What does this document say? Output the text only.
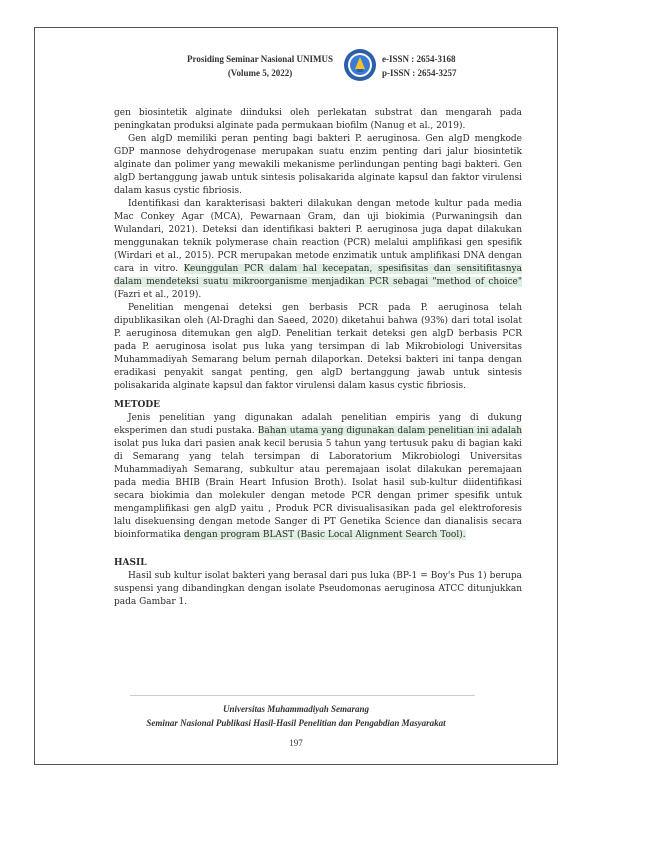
Prosiding Seminar Nasional UNIMUS
(Volume 5, 2022)
e-ISSN : 2654-3168
p-ISSN : 2654-3257

gen biosintetik alginate diinduksi oleh perlekatan substrat dan mengarah pada peningkatan produksi alginate pada permukaan biofilm (Nanug et al., 2019).

Gen algD memiliki peran penting bagi bakteri P. aeruginosa. Gen algD mengkode GDP mannose dehydrogenase merupakan suatu enzim penting dari jalur biosintetik alginate dan polimer yang mewakili mekanisme perlindungan penting bagi bakteri. Gen algD bertanggung jawab untuk sintesis polisakarida alginate kapsul dan faktor virulensi dalam kasus cystic fibriosis.

Identifikasi dan karakterisasi bakteri dilakukan dengan metode kultur pada media Mac Conkey Agar (MCA), Pewarnaan Gram, dan uji biokimia (Purwaningsih dan Wulandari, 2021). Deteksi dan identifikasi bakteri P. aeruginosa juga dapat dilakukan menggunakan teknik polymerase chain reaction (PCR) melalui amplifikasi gen spesifik (Wirdari et al., 2015). PCR merupakan metode enzimatik untuk amplifikasi DNA dengan cara in vitro. Keunggulan PCR dalam hal kecepatan, spesifisitas dan sensitifitasnya dalam mendeteksi suatu mikroorganisme menjadikan PCR sebagai "method of choice" (Fazri et al., 2019).

Penelitian mengenai deteksi gen berbasis PCR pada P. aeruginosa telah dipublikasikan oleh (Al-Draghi dan Saeed, 2020) diketahui bahwa (93%) dari total isolat P. aeruginosa ditemukan gen algD. Penelitian terkait deteksi gen algD berbasis PCR pada P. aeruginosa isolat pus luka yang tersimpan di lab Mikrobiologi Universitas Muhammadiyah Semarang belum pernah dilaporkan. Deteksi bakteri ini tanpa dengan eradikasi penyakit sangat penting, gen algD bertanggung jawab untuk sintesis polisakarida alginate kapsul dan faktor virulensi dalam kasus cystic fibriosis.

METODE

Jenis penelitian yang digunakan adalah penelitian empiris yang di dukung eksperimen dan studi pustaka. Bahan utama yang digunakan dalam penelitian ini adalah isolat pus luka dari pasien anak kecil berusia 5 tahun yang tertusuk paku di bagian kaki di Semarang yang telah tersimpan di Laboratorium Mikrobiologi Universitas Muhammadiyah Semarang, subkultur atau peremajaan isolat dilakukan peremajaan pada media BHIB (Brain Heart Infusion Broth). Isolat hasil sub-kultur diidentifikasi secara biokimia dan molekuler dengan metode PCR dengan primer spesifik untuk mengamplifikasi gen algD yaitu , Produk PCR divisualisasikan pada gel elektroforesis lalu disekuensing dengan metode Sanger di PT Genetika Science dan dianalisis secara bioinformatika dengan program BLAST (Basic Local Alignment Search Tool).

HASIL

Hasil sub kultur isolat bakteri yang berasal dari pus luka (BP-1 = Boy's Pus 1) berupa suspensi yang dibandingkan dengan isolate Pseudomonas aeruginosa ATCC ditunjukkan pada Gambar 1.

Universitas Muhammadiyah Semarang
Seminar Nasional Publikasi Hasil-Hasil Penelitian dan Pengabdian Masyarakat
197
